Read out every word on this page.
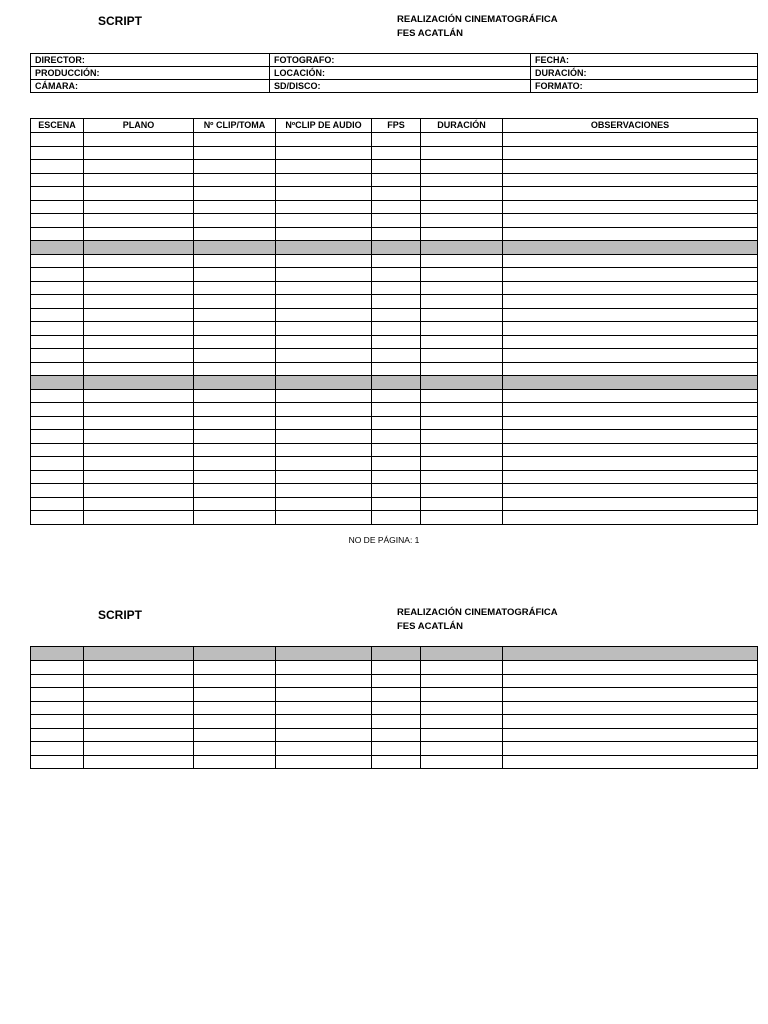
SCRIPT	REALIZACIÓN CINEMATOGRÁFICA
FES ACATLÁN
DIRECTOR:	FOTOGRAFO:	FECHA:
PRODUCCIÓN:	LOCACIÓN:	DURACIÓN:
CÁMARA:	SD/DISCO:	FORMATO:
ESCENA	PLANO	Nº CLIP/TOMA	NºCLIP DE AUDIO	FPS	DURACIÓN	OBSERVACIONES

NO DE PÁGINA: 1
SCRIPT	REALIZACIÓN CINEMATOGRÁFICA
FES ACATLÁN
